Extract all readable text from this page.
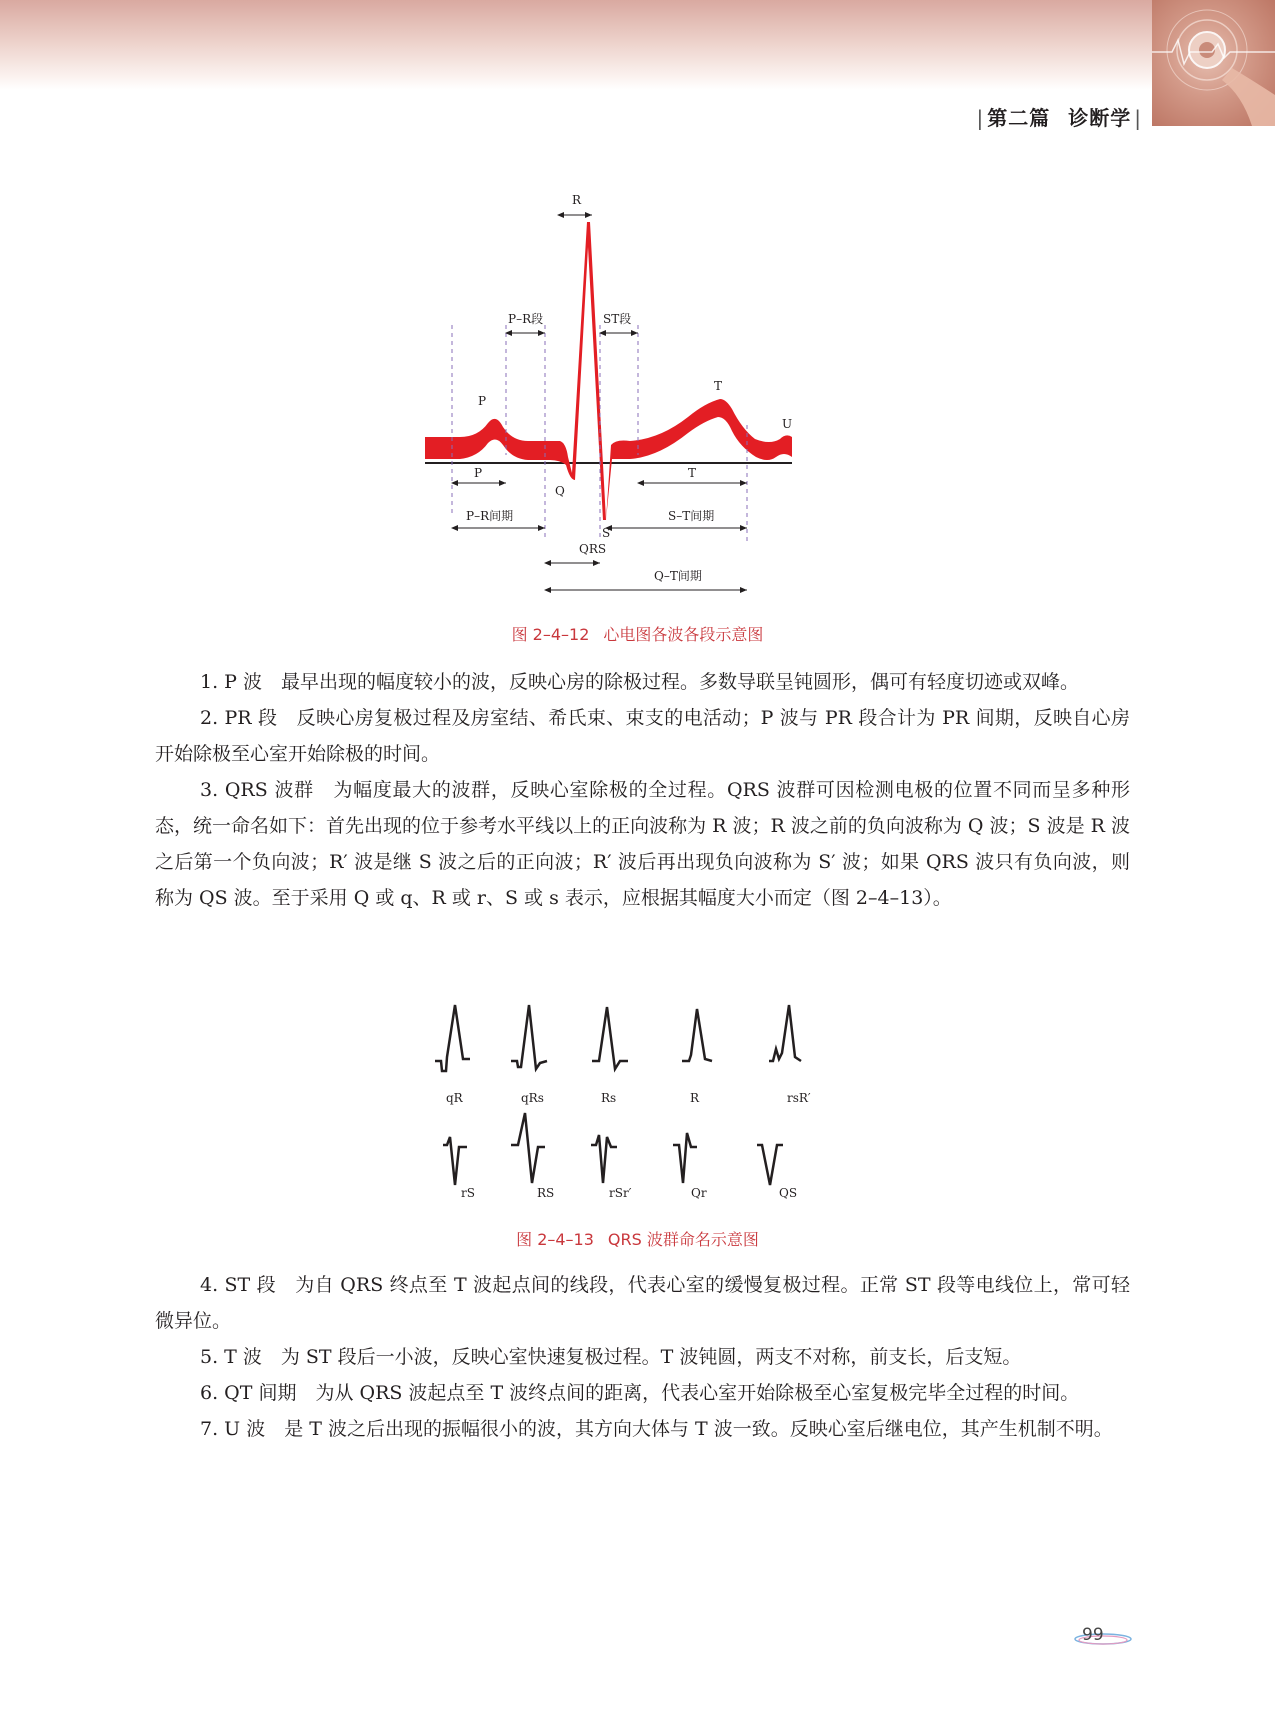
| 第二篇 诊断学 |
R
P–R段	ST段
P
T
U
Q
S
P	T
P–R间期	S–T间期
QRS
Q–T间期
图 2–4–12 心电图各波各段示意图

1. P 波　最早出现的幅度较小的波，反映心房的除极过程。多数导联呈钝圆形，偶可有轻度切迹或双峰。

2. PR 段　反映心房复极过程及房室结、希氏束、束支的电活动；P 波与 PR 段合计为 PR 间期，反映自心房开始除极至心室开始除极的时间。

3. QRS 波群　为幅度最大的波群，反映心室除极的全过程。QRS 波群可因检测电极的位置不同而呈多种形态，统一命名如下：首先出现的位于参考水平线以上的正向波称为 R 波；R 波之前的负向波称为 Q 波；S 波是 R 波之后第一个负向波；R′ 波是继 S 波之后的正向波；R′ 波后再出现负向波称为 S′ 波；如果 QRS 波只有负向波，则称为 QS 波。至于采用 Q 或 q、R 或 r、S 或 s 表示，应根据其幅度大小而定（图 2–4–13）。

qR	qRs	Rs	R	rsR′
rS	RS	rSr′	Qr	QS
图 2–4–13 QRS 波群命名示意图

4. ST 段　为自 QRS 终点至 T 波起点间的线段，代表心室的缓慢复极过程。正常 ST 段等电线位上，常可轻微异位。

5. T 波　为 ST 段后一小波，反映心室快速复极过程。T 波钝圆，两支不对称，前支长，后支短。

6. QT 间期　为从 QRS 波起点至 T 波终点间的距离，代表心室开始除极至心室复极完毕全过程的时间。

7. U 波　是 T 波之后出现的振幅很小的波，其方向大体与 T 波一致。反映心室后继电位，其产生机制不明。

99
